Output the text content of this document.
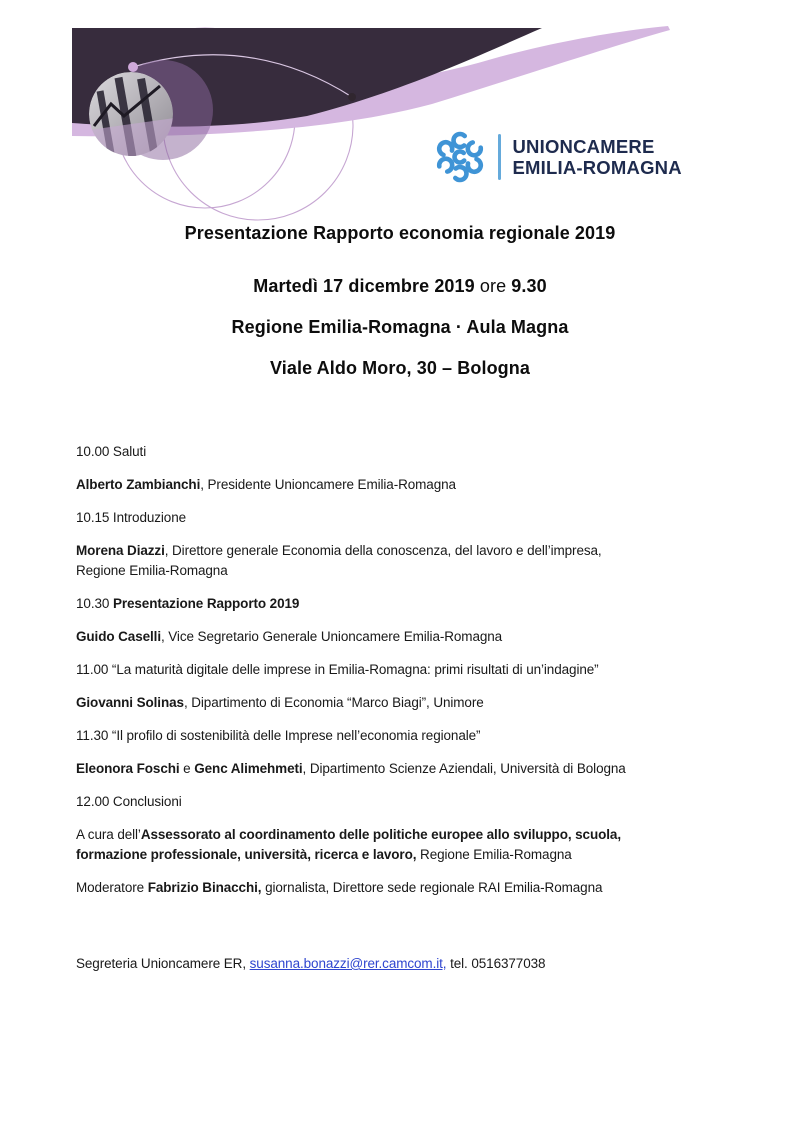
UNIONCAMERE
EMILIA-ROMAGNA

Presentazione Rapporto economia regionale 2019

Martedì 17 dicembre 2019 ore 9.30

Regione Emilia-Romagna · Aula Magna

Viale Aldo Moro, 30 – Bologna

10.00 Saluti

Alberto Zambianchi, Presidente Unioncamere Emilia-Romagna

10.15 Introduzione

Morena Diazzi, Direttore generale Economia della conoscenza, del lavoro e dell’impresa,
Regione Emilia-Romagna

10.30 Presentazione Rapporto 2019

Guido Caselli, Vice Segretario Generale Unioncamere Emilia-Romagna

11.00 “La maturità digitale delle imprese in Emilia-Romagna: primi risultati di un’indagine”

Giovanni Solinas, Dipartimento di Economia “Marco Biagi”, Unimore

11.30 “Il profilo di sostenibilità delle Imprese nell’economia regionale”

Eleonora Foschi e Genc Alimehmeti, Dipartimento Scienze Aziendali, Università di Bologna

12.00 Conclusioni

A cura dell’Assessorato al coordinamento delle politiche europee allo sviluppo, scuola,
formazione professionale, università, ricerca e lavoro, Regione Emilia-Romagna

Moderatore Fabrizio Binacchi, giornalista, Direttore sede regionale RAI Emilia-Romagna

Segreteria Unioncamere ER, susanna.bonazzi@rer.camcom.it, tel. 0516377038
